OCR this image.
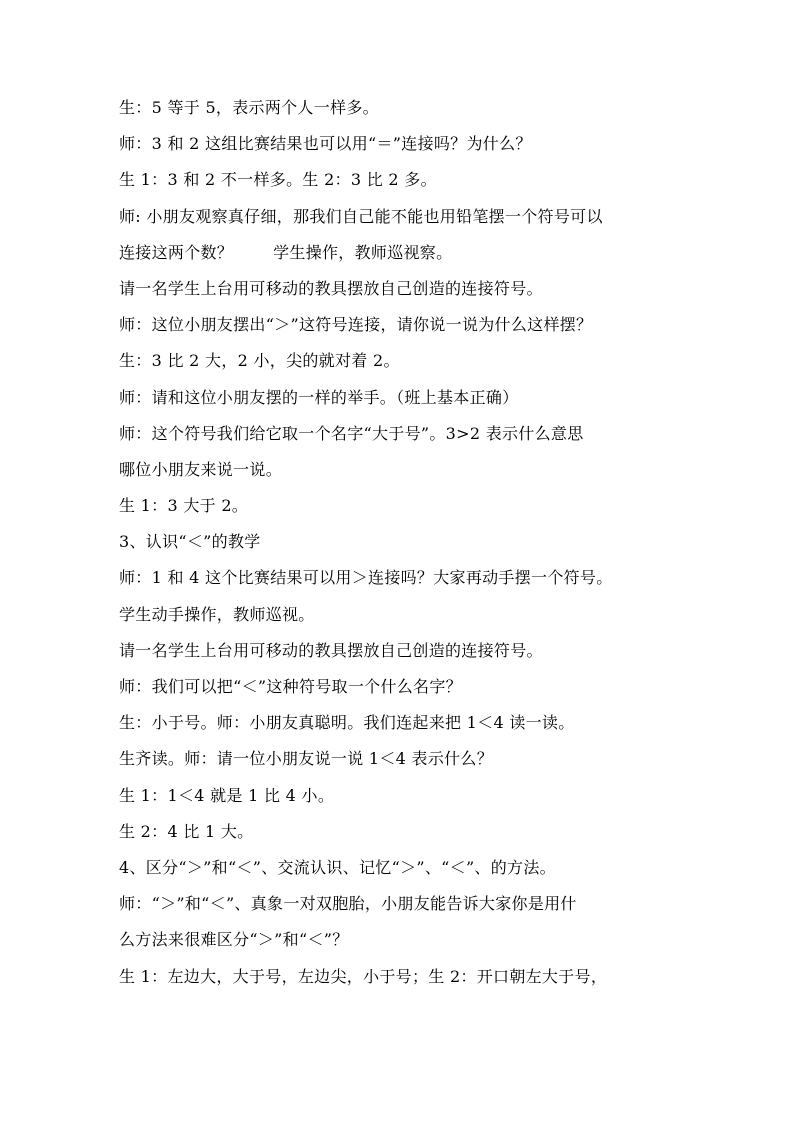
生：5 等于 5，表示两个人一样多。
师：3 和 2 这组比赛结果也可以用“＝”连接吗？为什么？
生 1：3 和 2 不一样多。生 2：3 比 2 多。
师: 小朋友观察真仔细，那我们自己能不能也用铅笔摆一个符号可以
连接这两个数？	学生操作，教师巡视察。
请一名学生上台用可移动的教具摆放自己创造的连接符号。
师：这位小朋友摆出“＞”这符号连接，请你说一说为什么这样摆？
生：3 比 2 大，2 小，尖的就对着 2。
师：请和这位小朋友摆的一样的举手。（班上基本正确）
师：这个符号我们给它取一个名字“大于号”。3>2 表示什么意思
哪位小朋友来说一说。
生 1：3 大于 2。
3、认识“＜”的教学
师：1 和 4 这个比赛结果可以用＞连接吗？大家再动手摆一个符号。
学生动手操作，教师巡视。
请一名学生上台用可移动的教具摆放自己创造的连接符号。
师：我们可以把“＜”这种符号取一个什么名字？
生：小于号。师：小朋友真聪明。我们连起来把 1＜4 读一读。
生齐读。师：请一位小朋友说一说 1＜4 表示什么？
生 1：1＜4 就是 1 比 4 小。
生 2：4 比 1 大。
4、区分“＞”和“＜”、交流认识、记忆“＞”、“＜”、的方法。
师：“＞”和“＜”、真象一对双胞胎，小朋友能告诉大家你是用什
么方法来很难区分“＞”和“＜”？
生 1：左边大，大于号，左边尖，小于号；生 2：开口朝左大于号，
